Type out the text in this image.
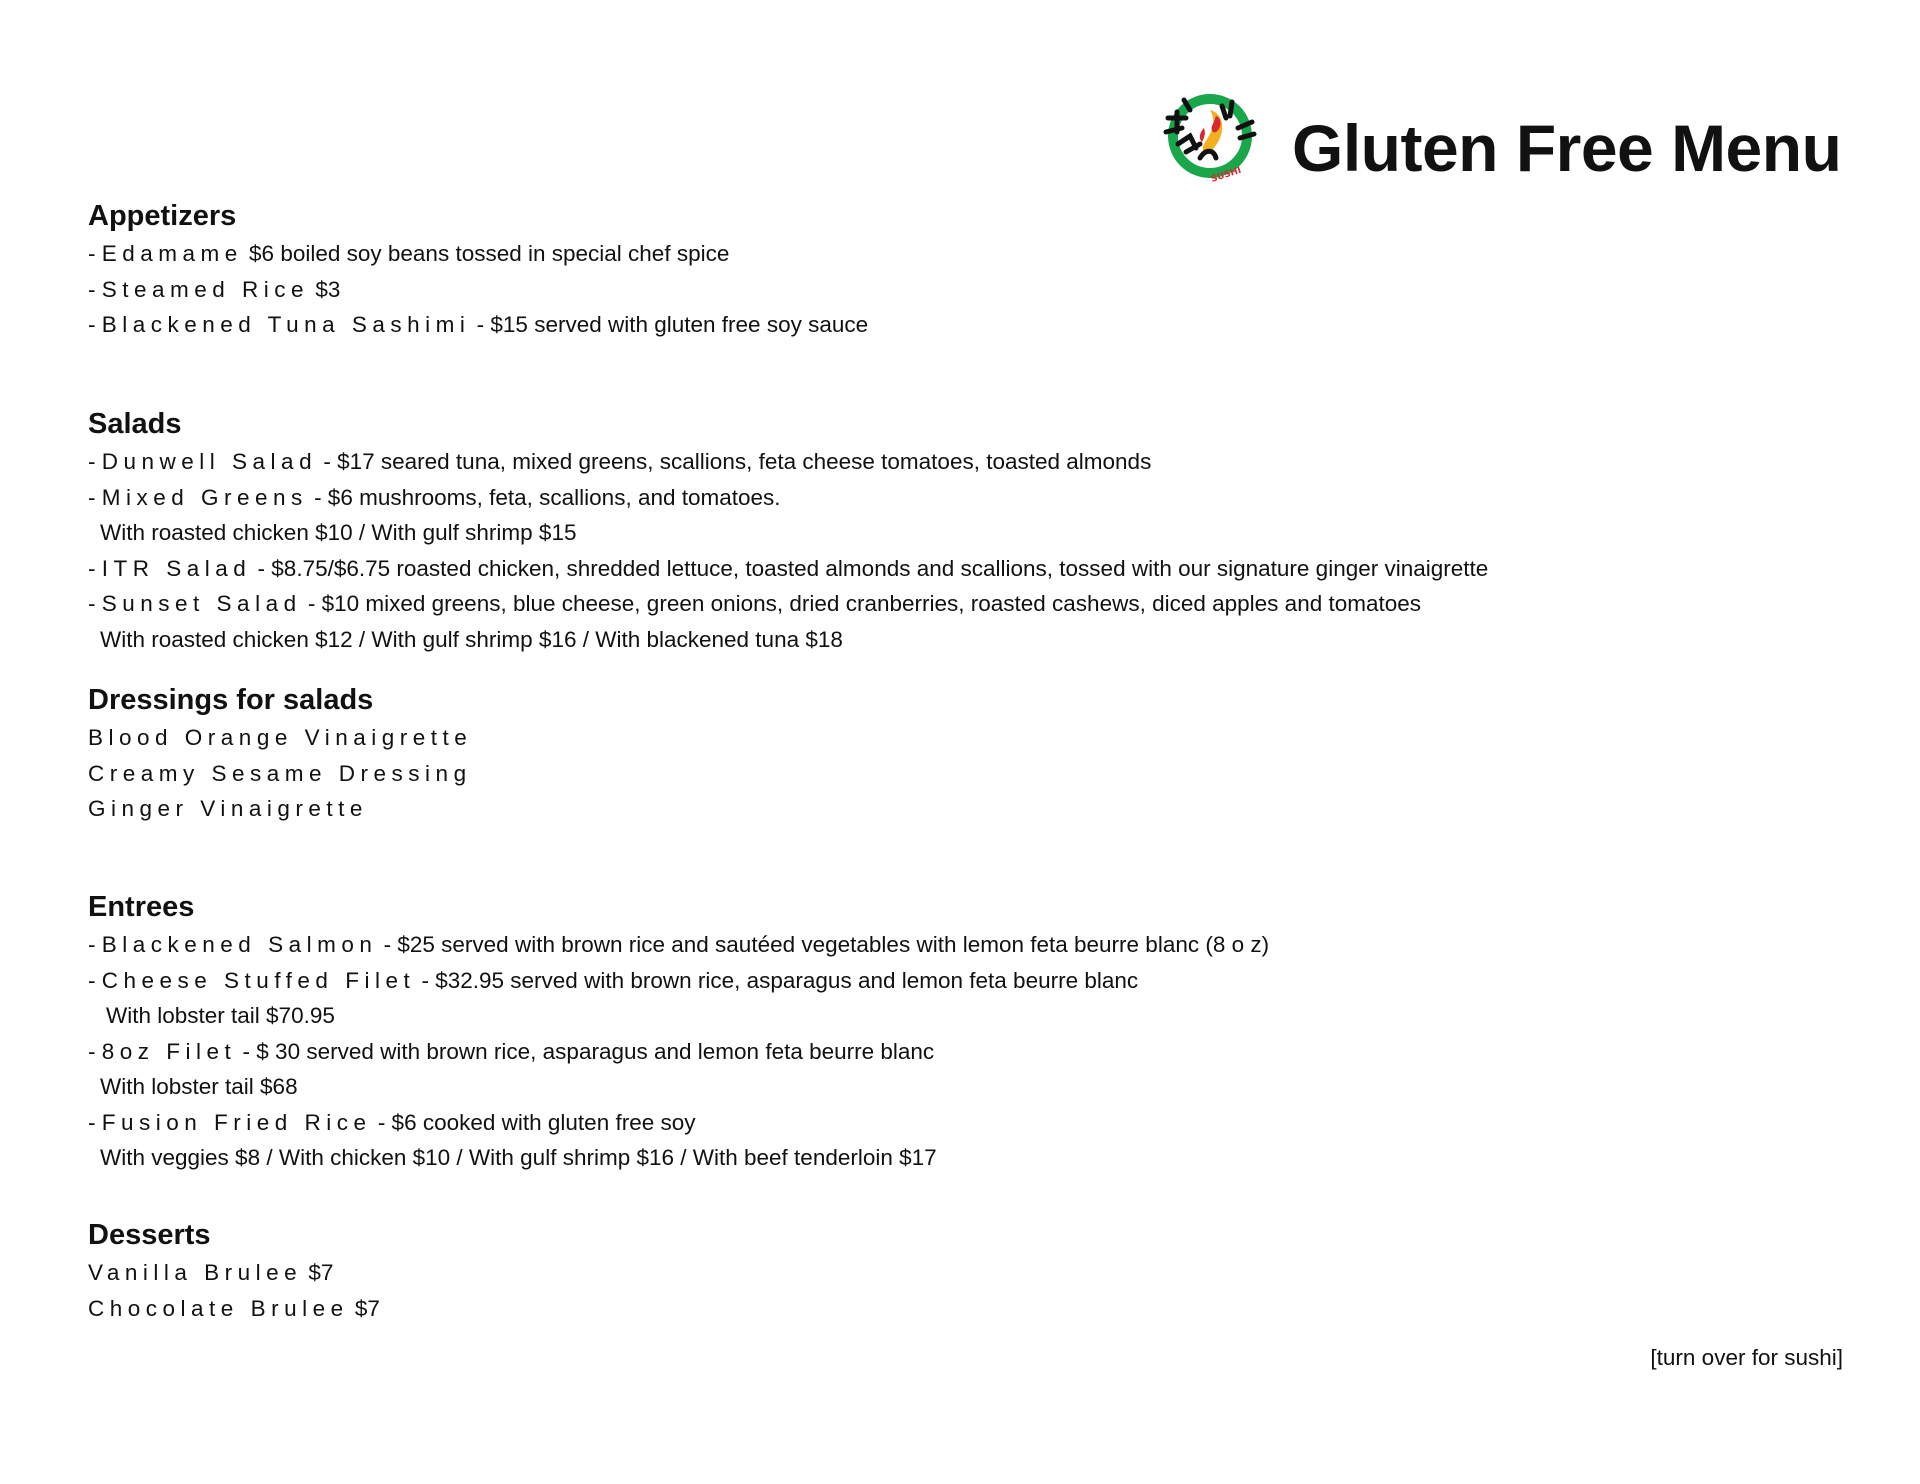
SUSHI Gluten Free Menu
Appetizers
- Edamame $6 boiled soy beans tossed in special chef spice
- Steamed Rice $3
- Blackened Tuna Sashimi - $15 served with gluten free soy sauce
Salads
- Dunwell Salad - $17 seared tuna, mixed greens, scallions, feta cheese tomatoes, toasted almonds
- Mixed Greens - $6 mushrooms, feta, scallions, and tomatoes.
With roasted chicken $10 / With gulf shrimp $15
- ITR Salad - $8.75/$6.75 roasted chicken, shredded lettuce, toasted almonds and scallions, tossed with our signature ginger vinaigrette
- Sunset Salad - $10 mixed greens, blue cheese, green onions, dried cranberries, roasted cashews, diced apples and tomatoes
With roasted chicken $12 / With gulf shrimp $16 / With blackened tuna $18
Dressings for salads
Blood Orange Vinaigrette
Creamy Sesame Dressing
Ginger Vinaigrette
Entrees
- Blackened Salmon - $25 served with brown rice and sautéed vegetables with lemon feta beurre blanc (8 o z)
- Cheese Stuffed Filet - $32.95 served with brown rice, asparagus and lemon feta beurre blanc
With lobster tail $70.95
- 8oz Filet - $ 30 served with brown rice, asparagus and lemon feta beurre blanc
With lobster tail $68
- Fusion Fried Rice - $6 cooked with gluten free soy
With veggies $8 / With chicken $10 / With gulf shrimp $16 / With beef tenderloin $17
Desserts
Vanilla Brulee $7
Chocolate Brulee $7
[turn over for sushi]
